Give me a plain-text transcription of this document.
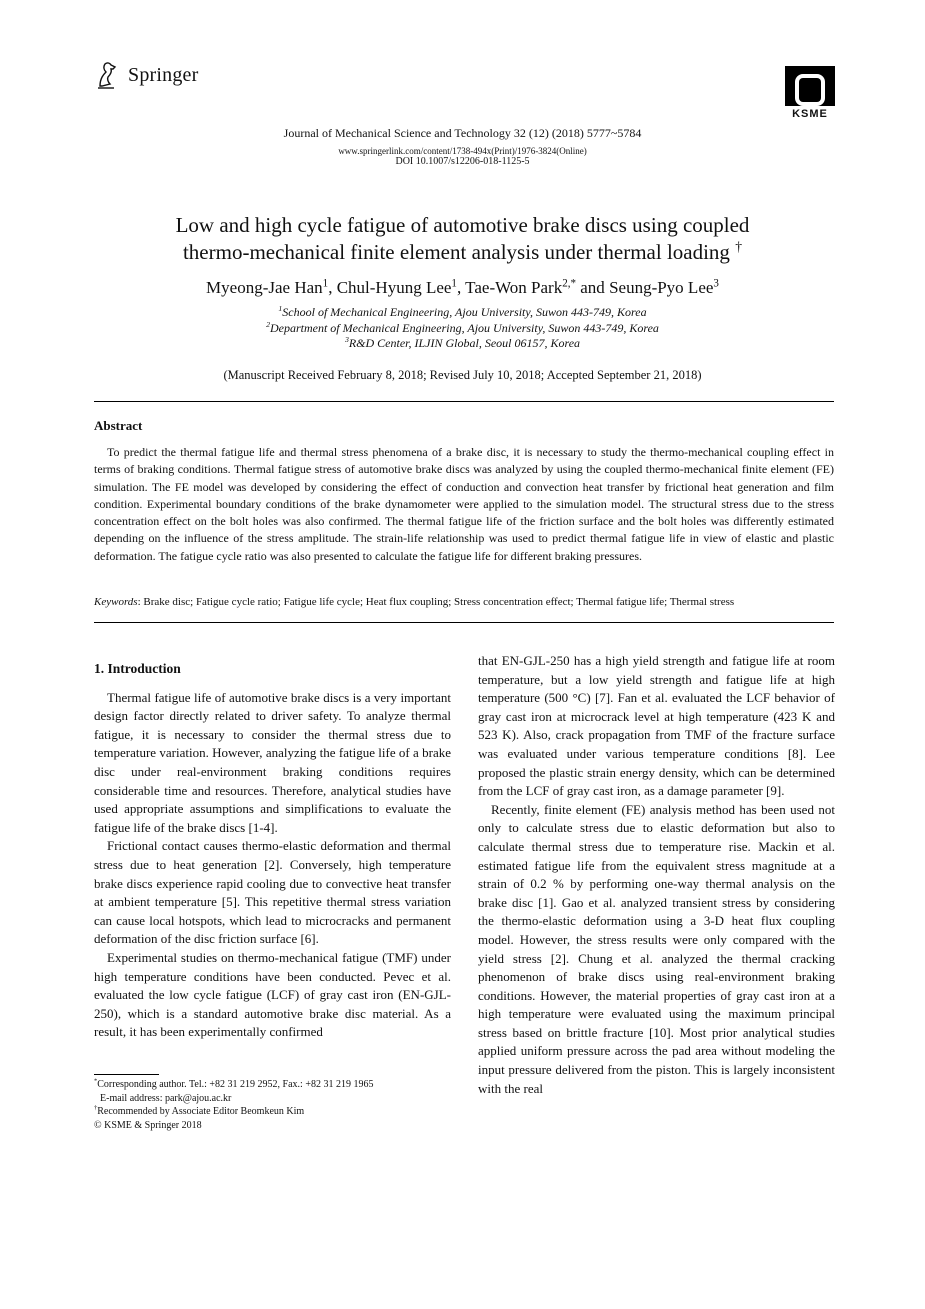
Springer
KSME
Journal of Mechanical Science and Technology 32 (12) (2018) 5777~5784
www.springerlink.com/content/1738-494x(Print)/1976-3824(Online)
DOI 10.1007/s12206-018-1125-5
Low and high cycle fatigue of automotive brake discs using coupled
thermo-mechanical finite element analysis under thermal loading †
Myeong-Jae Han$^1$, Chul-Hyung Lee$^1$, Tae-Won Park$^{2,*}$ and Seung-Pyo Lee$^3$
$^1$School of Mechanical Engineering, Ajou University, Suwon 443-749, Korea
$^2$Department of Mechanical Engineering, Ajou University, Suwon 443-749, Korea
$^3$R&D Center, ILJIN Global, Seoul 06157, Korea
(Manuscript Received February 8, 2018; Revised July 10, 2018; Accepted September 21, 2018)
Abstract
To predict the thermal fatigue life and thermal stress phenomena of a brake disc, it is necessary to study the thermo-mechanical coupling effect in terms of braking conditions. Thermal fatigue stress of automotive brake discs was analyzed by using the coupled thermo-mechanical finite element (FE) simulation. The FE model was developed by considering the effect of conduction and convection heat transfer by frictional heat generation and film condition. Experimental boundary conditions of the brake dynamometer were applied to the simulation model. The structural stress due to the stress concentration effect on the bolt holes was also confirmed. The thermal fatigue life of the friction surface and the bolt holes was differently estimated depending on the influence of the stress amplitude. The strain-life relationship was used to predict thermal fatigue life in view of elastic and plastic deformation. The fatigue cycle ratio was also presented to calculate the fatigue life for different braking pressures.
Keywords: Brake disc; Fatigue cycle ratio; Fatigue life cycle; Heat flux coupling; Stress concentration effect; Thermal fatigue life; Thermal stress
1. Introduction

Thermal fatigue life of automotive brake discs is a very important design factor directly related to driver safety. To analyze thermal fatigue, it is necessary to consider the thermal stress due to temperature variation. However, analyzing the fatigue life of a brake disc under real-environment braking conditions requires considerable time and resources. Therefore, analytical studies have used appropriate assumptions and simplifications to evaluate the fatigue life of the brake discs [1-4].

Frictional contact causes thermo-elastic deformation and thermal stress due to heat generation [2]. Conversely, high temperature brake discs experience rapid cooling due to convective heat transfer at ambient temperature [5]. This repetitive thermal stress variation can cause local hotspots, which lead to microcracks and permanent deformation of the disc friction surface [6].

Experimental studies on thermo-mechanical fatigue (TMF) under high temperature conditions have been conducted. Pevec et al. evaluated the low cycle fatigue (LCF) of gray cast iron (EN-GJL-250), which is a standard automotive brake disc material. As a result, it has been experimentally confirmed

that EN-GJL-250 has a high yield strength and fatigue life at room temperature, but a low yield strength and fatigue life at high temperature (500 °C) [7]. Fan et al. evaluated the LCF behavior of gray cast iron at microcrack level at high temperature (423 K and 523 K). Also, crack propagation from TMF of the fracture surface was evaluated under various temperature conditions [8]. Lee proposed the plastic strain energy density, which can be determined from the LCF of gray cast iron, as a damage parameter [9].

Recently, finite element (FE) analysis method has been used not only to calculate stress due to elastic deformation but also to calculate thermal stress due to temperature rise. Mackin et al. estimated fatigue life from the equivalent stress magnitude at a strain of 0.2 % by performing one-way thermal analysis on the brake disc [1]. Gao et al. analyzed transient stress by considering the thermo-elastic deformation using a 3-D heat flux coupling model. However, the stress results were only compared with the yield stress [2]. Chung et al. analyzed the thermal cracking phenomenon of brake discs using real-environment braking conditions. However, the material properties of gray cast iron at a high temperature were evaluated using the maximum principal stress based on brittle fracture [10]. Most prior analytical studies applied uniform pressure across the pad area without modeling the input pressure delivered from the piston. This is largely inconsistent with the real

*Corresponding author. Tel.: +82 31 219 2952, Fax.: +82 31 219 1965
E-mail address: park@ajou.ac.kr
†Recommended by Associate Editor Beomkeun Kim
© KSME & Springer 2018
